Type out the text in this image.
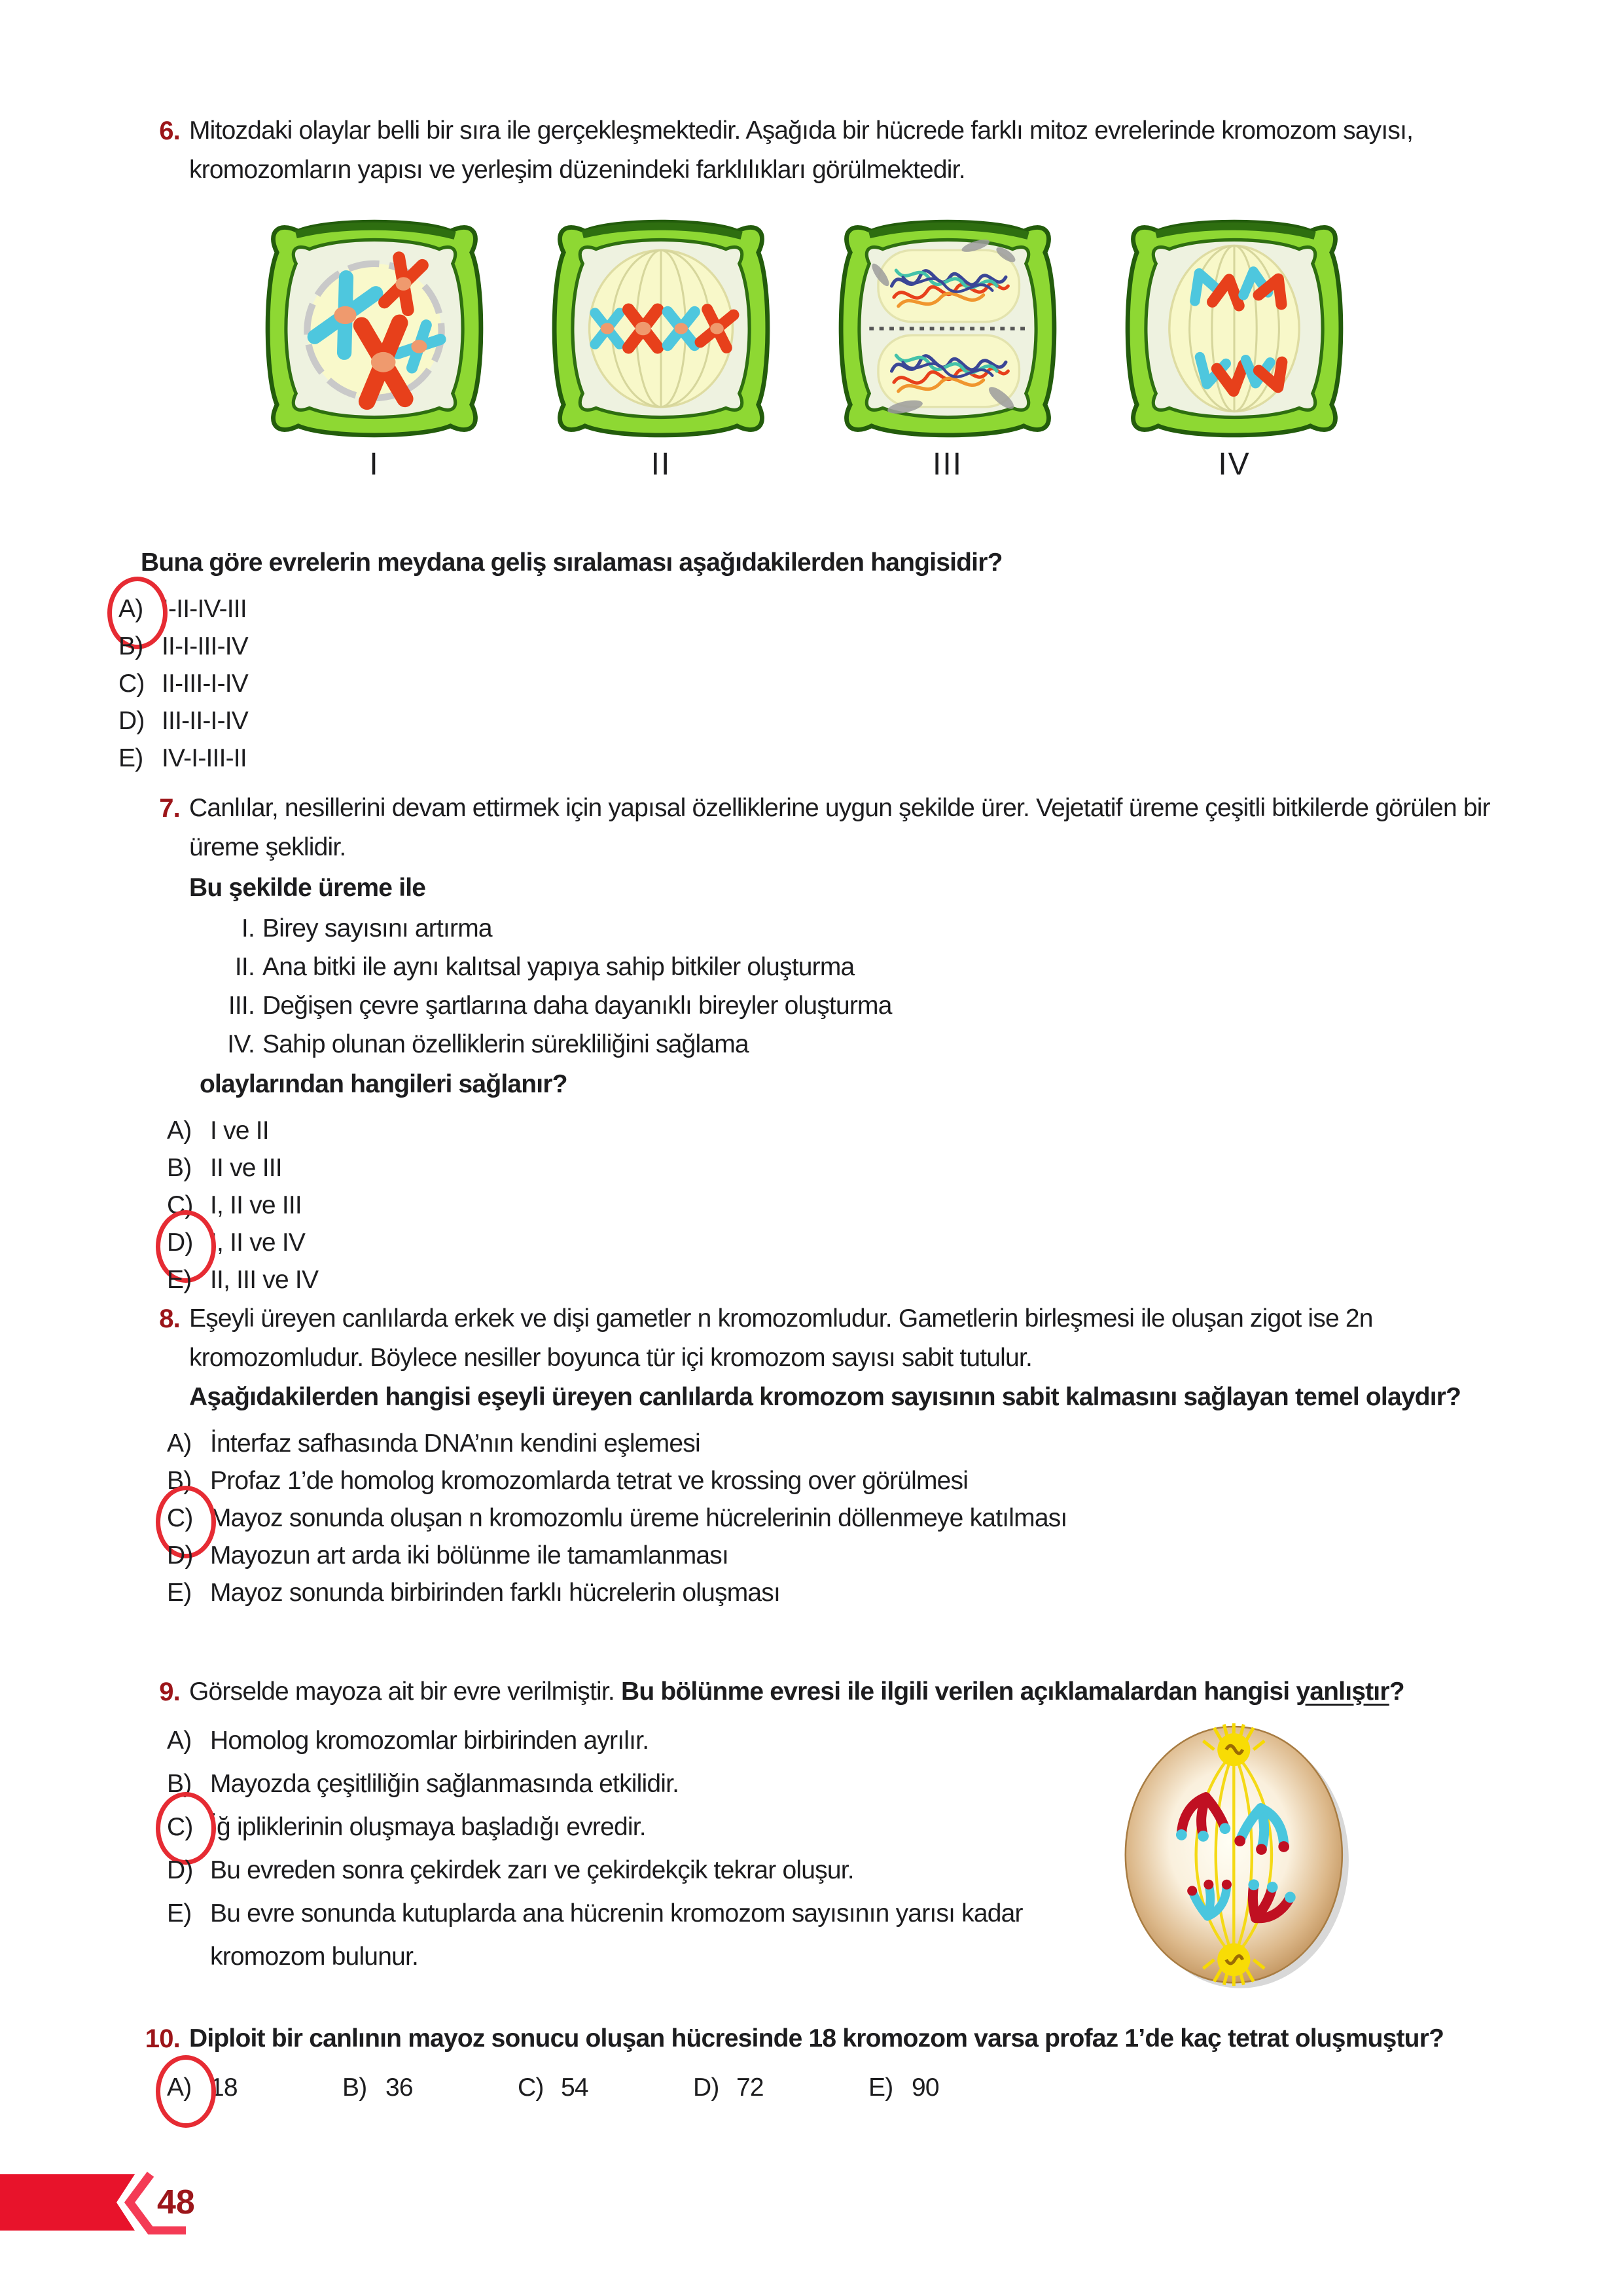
6. Mitozdaki olaylar belli bir sıra ile gerçekleşmektedir. Aşağıda bir hücrede farklı mitoz evrelerinde kromozom sayısı, kromozomların yapısı ve yerleşim düzenindeki farklılıkları görülmektedir.

I	II	III	IV

Buna göre evrelerin meydana geliş sıralaması aşağıdakilerden hangisidir?

A) I-II-IV-III
B) II-I-III-IV
C) II-III-I-IV
D) III-II-I-IV
E) IV-I-III-II
7. Canlılar, nesillerini devam ettirmek için yapısal özelliklerine uygun şekilde ürer. Vejetatif üreme çeşitli bitkilerde görülen bir üreme şeklidir.

Bu şekilde üreme ile

I. Birey sayısını artırma
II. Ana bitki ile aynı kalıtsal yapıya sahip bitkiler oluşturma
III. Değişen çevre şartlarına daha dayanıklı bireyler oluşturma
IV. Sahip olunan özelliklerin sürekliliğini sağlama

olaylarından hangileri sağlanır?

A) I ve II
B) II ve III
C) I, II ve III
D) I, II ve IV
E) II, III ve IV
8. Eşeyli üreyen canlılarda erkek ve dişi gametler n kromozomludur. Gametlerin birleşmesi ile oluşan zigot ise 2n kromozomludur. Böylece nesiller boyunca tür içi kromozom sayısı sabit tutulur.

Aşağıdakilerden hangisi eşeyli üreyen canlılarda kromozom sayısının sabit kalmasını sağlayan temel olaydır?

A) İnterfaz safhasında DNA’nın kendini eşlemesi
B) Profaz 1’de homolog kromozomlarda tetrat ve krossing over görülmesi
C) Mayoz sonunda oluşan n kromozomlu üreme hücrelerinin döllenmeye katılması
D) Mayozun art arda iki bölünme ile tamamlanması
E) Mayoz sonunda birbirinden farklı hücrelerin oluşması
9. Görselde mayoza ait bir evre verilmiştir. Bu bölünme evresi ile ilgili verilen açıklamalardan hangisi yanlıştır?

A) Homolog kromozomlar birbirinden ayrılır.
B) Mayozda çeşitliliğin sağlanmasında etkilidir.
C) İğ ipliklerinin oluşmaya başladığı evredir.
D) Bu evreden sonra çekirdek zarı ve çekirdekçik tekrar oluşur.
E) Bu evre sonunda kutuplarda ana hücrenin kromozom sayısının yarısı kadar kromozom bulunur.
10. Diploit bir canlının mayoz sonucu oluşan hücresinde 18 kromozom varsa profaz 1’de kaç tetrat oluşmuştur?

A) 18	B) 36	C) 54	D) 72	E) 90
48
